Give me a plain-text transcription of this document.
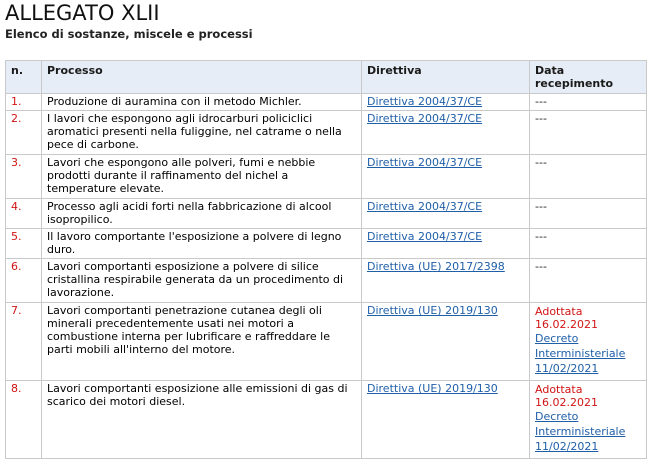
ALLEGATO XLII
Elenco di sostanze, miscele e processi
n.	Processo	Direttiva	Data recepimento
1.	Produzione di auramina con il metodo Michler.	Direttiva 2004/37/CE	---
2.	I lavori che espongono agli idrocarburi policiclici aromatici presenti nella fuliggine, nel catrame o nella pece di carbone.	Direttiva 2004/37/CE	---
3.	Lavori che espongono alle polveri, fumi e nebbie prodotti durante il raffinamento del nichel a temperature elevate.	Direttiva 2004/37/CE	---
4.	Processo agli acidi forti nella fabbricazione di alcool isopropilico.	Direttiva 2004/37/CE	---
5.	Il lavoro comportante l'esposizione a polvere di legno duro.	Direttiva 2004/37/CE	---
6.	Lavori comportanti esposizione a polvere di silice cristallina respirabile generata da un procedimento di lavorazione.	Direttiva (UE) 2017/2398	---
7.	Lavori comportanti penetrazione cutanea degli oli minerali precedentemente usati nei motori a combustione interna per lubrificare e raffreddare le parti mobili all'interno del motore.	Direttiva (UE) 2019/130	Adottata
16.02.2021
Decreto Interministeriale 11/02/2021

8.	Lavori comportanti esposizione alle emissioni di gas di scarico dei motori diesel.	Direttiva (UE) 2019/130	Adottata
16.02.2021
Decreto Interministeriale 11/02/2021
